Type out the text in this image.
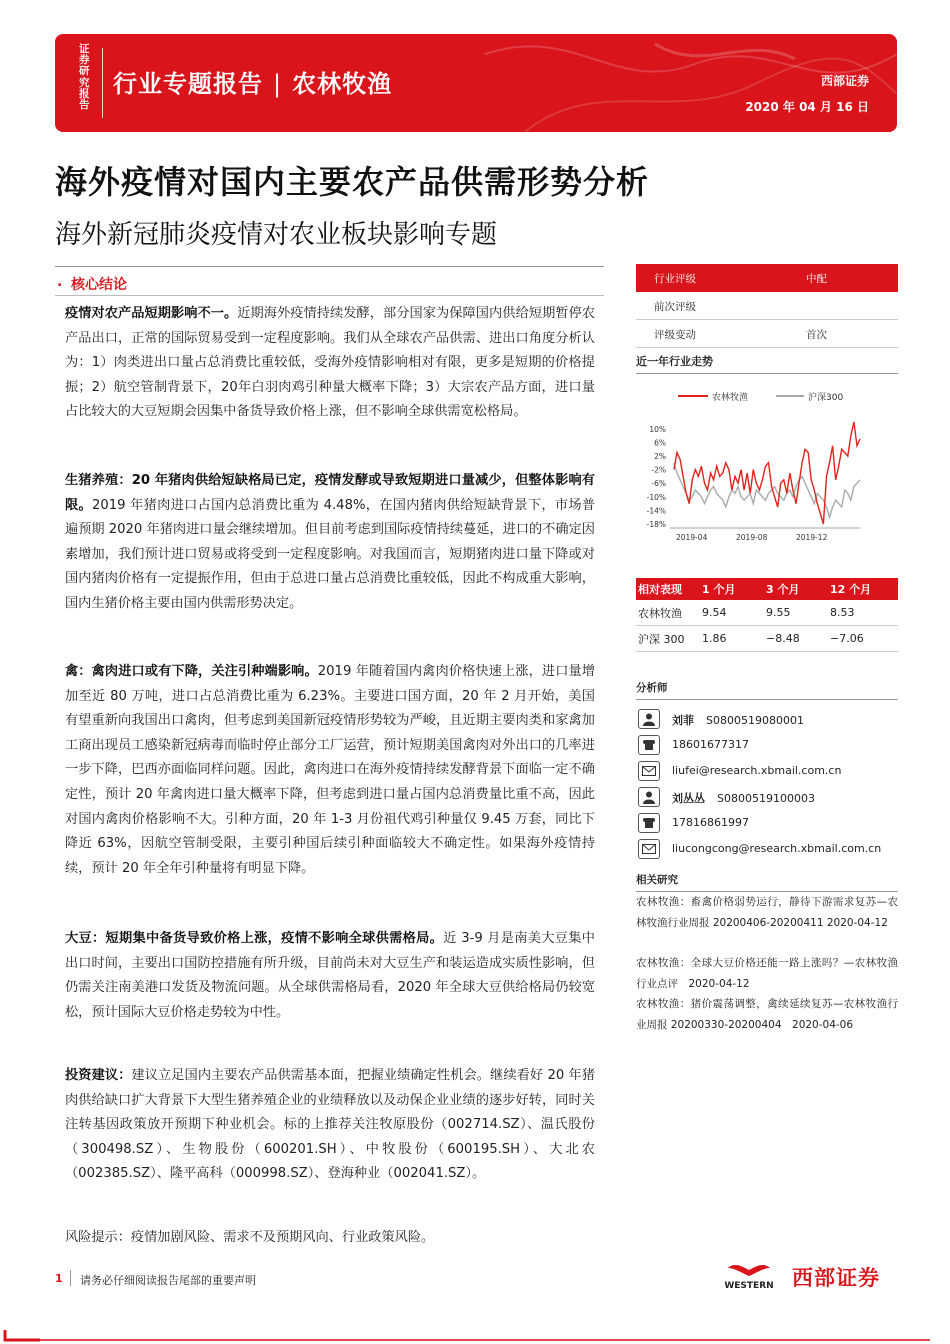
证券研究报告
行业专题报告 | 农林牧渔	西部证券
2020 年 04 月 16 日
海外疫情对国内主要农产品供需形势分析
海外新冠肺炎疫情对农业板块影响专题
. 核心结论
疫情对农产品短期影响不一。近期海外疫情持续发酵，部分国家为保障国内供给短期暂停农产品出口，正常的国际贸易受到一定程度影响。我们从全球农产品供需、进出口角度分析认为：1）肉类进出口量占总消费比重较低，受海外疫情影响相对有限，更多是短期的价格提振；2）航空管制背景下，20年白羽肉鸡引种量大概率下降；3）大宗农产品方面，进口量占比较大的大豆短期会因集中备货导致价格上涨，但不影响全球供需宽松格局。
生猪养殖：20 年猪肉供给短缺格局已定，疫情发酵或导致短期进口量减少，但整体影响有限。2019 年猪肉进口占国内总消费比重为 4.48%，在国内猪肉供给短缺背景下，市场普遍预期 2020 年猪肉进口量会继续增加。但目前考虑到国际疫情持续蔓延，进口的不确定因素增加，我们预计进口贸易或将受到一定程度影响。对我国而言，短期猪肉进口量下降或对国内猪肉价格有一定提振作用，但由于总进口量占总消费比重较低，因此不构成重大影响，国内生猪价格主要由国内供需形势决定。
禽：禽肉进口或有下降，关注引种端影响。2019 年随着国内禽肉价格快速上涨，进口量增加至近 80 万吨，进口占总消费比重为 6.23%。主要进口国方面，20 年 2 月开始，美国有望重新向我国出口禽肉，但考虑到美国新冠疫情形势较为严峻，且近期主要肉类和家禽加工商出现员工感染新冠病毒而临时停止部分工厂运营，预计短期美国禽肉对外出口的几率进一步下降，巴西亦面临同样问题。因此，禽肉进口在海外疫情持续发酵背景下面临一定不确定性，预计 20 年禽肉进口量大概率下降，但考虑到进口量占国内总消费量比重不高，因此对国内禽肉价格影响不大。引种方面，20 年 1-3 月份祖代鸡引种量仅 9.45 万套，同比下降近 63%，因航空管制受限，主要引种国后续引种面临较大不确定性。如果海外疫情持续，预计 20 年全年引种量将有明显下降。
大豆：短期集中备货导致价格上涨，疫情不影响全球供需格局。近 3-9 月是南美大豆集中出口时间，主要出口国防控措施有所升级，目前尚未对大豆生产和装运造成实质性影响，但仍需关注南美港口发货及物流问题。从全球供需格局看，2020 年全球大豆供给格局仍较宽松，预计国际大豆价格走势较为中性。
投资建议：建议立足国内主要农产品供需基本面，把握业绩确定性机会。继续看好 20 年猪肉供给缺口扩大背景下大型生猪养殖企业的业绩释放以及动保企业业绩的逐步好转，同时关注转基因政策放开预期下种业机会。标的上推荐关注牧原股份（002714.SZ）、温氏股份（300498.SZ）、生物股份（600201.SH）、中牧股份（600195.SH）、大北农（002385.SZ）、隆平高科（000998.SZ）、登海种业（002041.SZ）。
风险提示：疫情加剧风险、需求不及预期风向、行业政策风险。
行业评级	中配
前次评级
评级变动	首次
近一年行业走势
农林牧渔	沪深300
10%
6%
2%
-2%
-6%
-10%
-14%
-18%
2019-04	2019-08	2019-12
相对表现	1 个月	3 个月	12 个月
农林牧渔	9.54	9.55	8.53
沪深 300	1.86	−8.48	−7.06
分析师
刘菲 S0800519080001
18601677317
liufei@research.xbmail.com.cn
刘丛丛 S0800519100003
17816861997
liucongcong@research.xbmail.com.cn
相关研究
农林牧渔：畜禽价格弱势运行，静待下游需求复苏—农林牧渔行业周报 20200406-20200411 2020-04-12
农林牧渔：全球大豆价格还能一路上涨吗？—农林牧渔行业点评　2020-04-12
农林牧渔：猪价震荡调整，禽续延续复苏—农林牧渔行业周报 20200330-20200404　2020-04-06
1 请务必仔细阅读报告尾部的重要声明	WESTERN 西部证券
